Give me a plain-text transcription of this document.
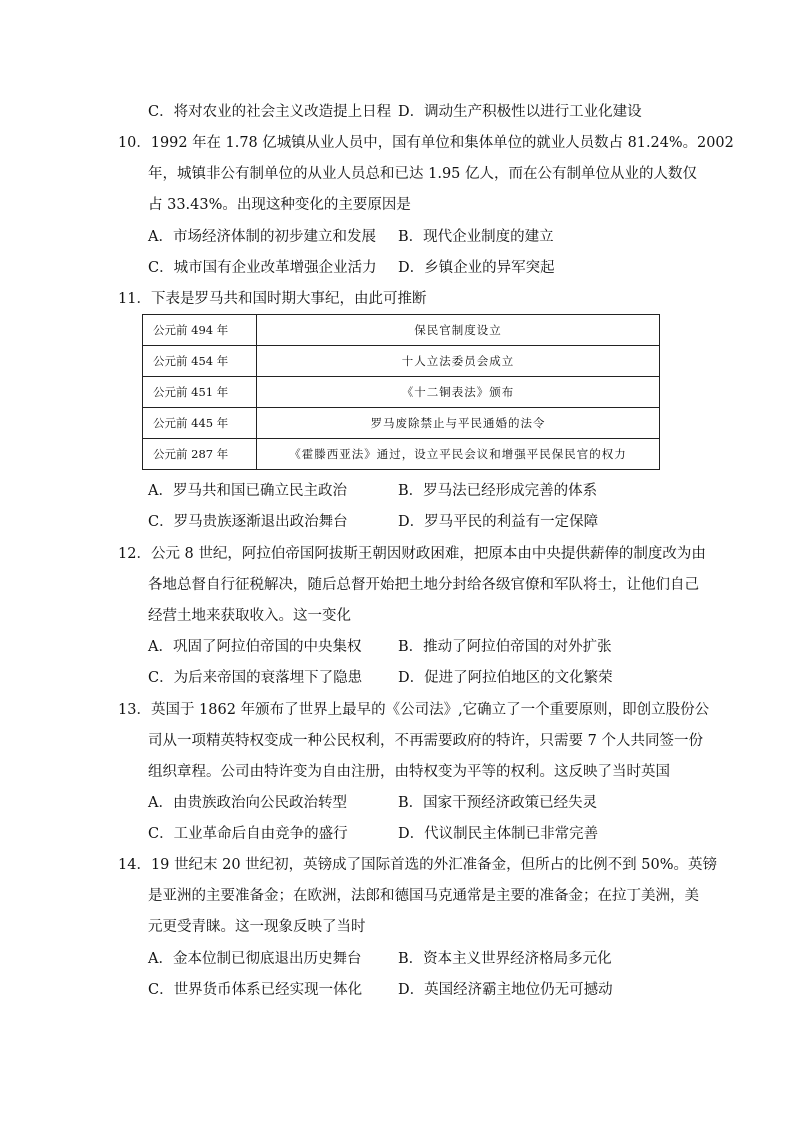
C．将对农业的社会主义改造提上日程 D．调动生产积极性以进行工业化建设
10．1992 年在 1.78 亿城镇从业人员中，国有单位和集体单位的就业人员数占 81.24%。2002
年，城镇非公有制单位的从业人员总和已达 1.95 亿人，而在公有制单位从业的人数仅
占 33.43%。出现这种变化的主要原因是
A．市场经济体制的初步建立和发展 B．现代企业制度的建立
C．城市国有企业改革增强企业活力 D．乡镇企业的异军突起
11．下表是罗马共和国时期大事纪，由此可推断
公元前 494 年	保民官制度设立
公元前 454 年	十人立法委员会成立
公元前 451 年	《十二铜表法》颁布
公元前 445 年	罗马废除禁止与平民通婚的法令
公元前 287 年	《霍滕西亚法》通过，设立平民会议和增强平民保民官的权力
A．罗马共和国已确立民主政治	B．罗马法已经形成完善的体系
C．罗马贵族逐渐退出政治舞台	D．罗马平民的利益有一定保障
12．公元 8 世纪，阿拉伯帝国阿拔斯王朝因财政困难，把原本由中央提供薪俸的制度改为由
各地总督自行征税解决，随后总督开始把土地分封给各级官僚和军队将士，让他们自己
经营土地来获取收入。这一变化
A．巩固了阿拉伯帝国的中央集权	B．推动了阿拉伯帝国的对外扩张
C．为后来帝国的衰落埋下了隐患 D．促进了阿拉伯地区的文化繁荣
13．英国于 1862 年颁布了世界上最早的《公司法》,它确立了一个重要原则，即创立股份公
司从一项精英特权变成一种公民权利，不再需要政府的特许，只需要 7 个人共同签一份
组织章程。公司由特许变为自由注册，由特权变为平等的权利。这反映了当时英国
A．由贵族政治向公民政治转型	B．国家干预经济政策已经失灵
C．工业革命后自由竞争的盛行	D．代议制民主体制已非常完善
14．19 世纪末 20 世纪初，英镑成了国际首选的外汇准备金，但所占的比例不到 50%。英镑
是亚洲的主要准备金；在欧洲，法郎和德国马克通常是主要的准备金；在拉丁美洲，美
元更受青睐。这一现象反映了当时
A．金本位制已彻底退出历史舞台	B．资本主义世界经济格局多元化
C．世界货币体系已经实现一体化 D．英国经济霸主地位仍无可撼动
